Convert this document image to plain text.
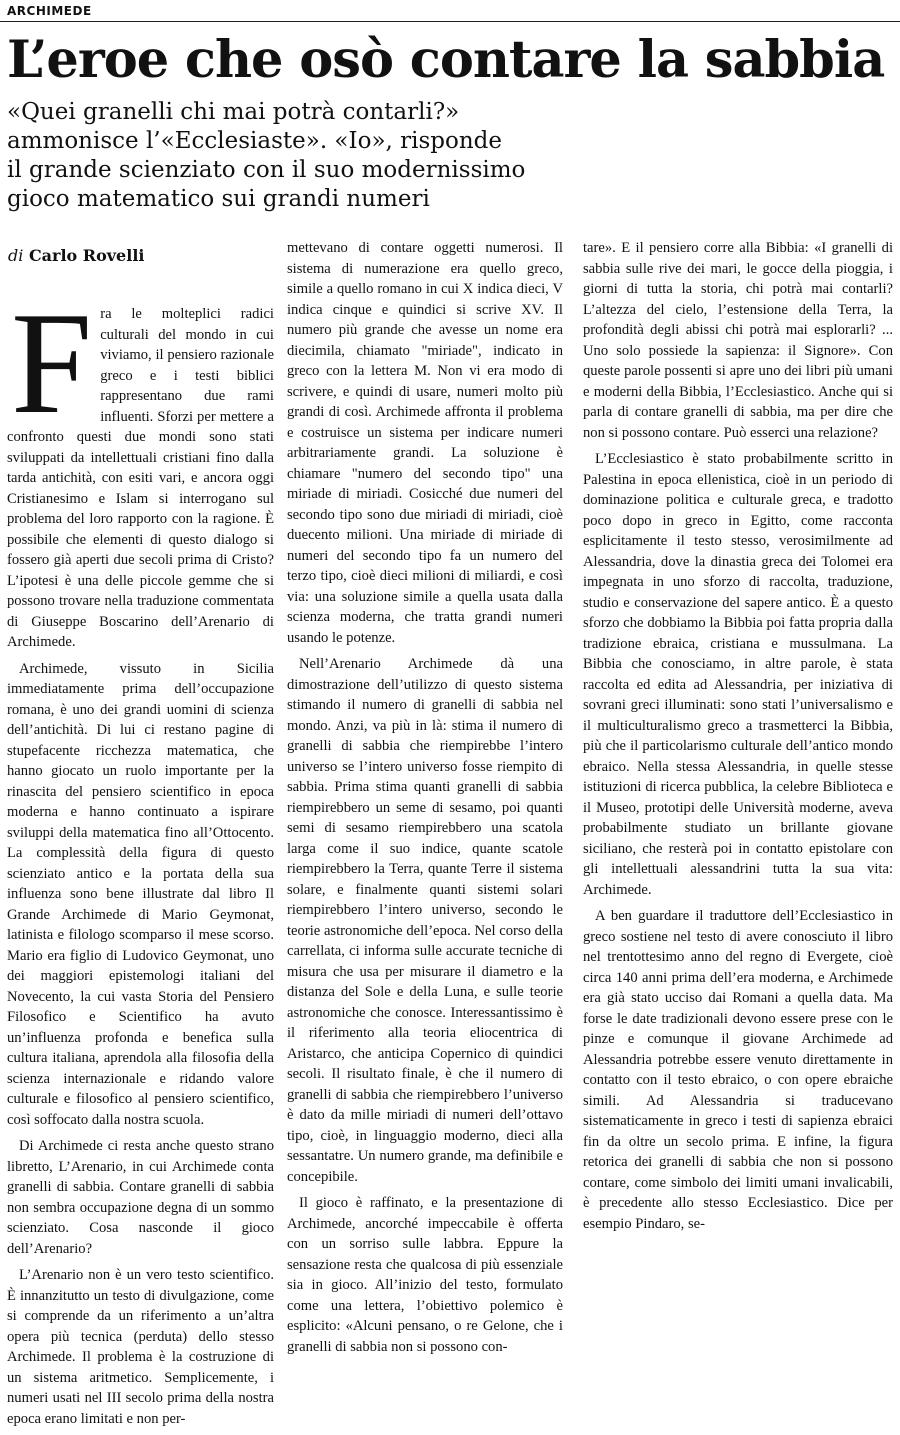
ARCHIMEDE
L’eroe che osò contare la sabbia
«Quei granelli chi mai potrà contarli?»
ammonisce l’«Ecclesiaste». «Io», risponde
il grande scienziato con il suo modernissimo
gioco matematico sui grandi numeri
di Carlo Rovelli

Fra le molteplici radici culturali del mondo in cui viviamo, il pensiero razionale greco e i testi biblici rappresentano due rami influenti. Sforzi per mettere a confronto questi due mondi sono stati sviluppati da intellettuali cristiani fino dalla tarda antichità, con esiti vari, e ancora oggi Cristianesimo e Islam si interrogano sul problema del loro rapporto con la ragione. È possibile che elementi di questo dialogo si fossero già aperti due secoli prima di Cristo? L’ipotesi è una delle piccole gemme che si possono trovare nella traduzione commentata di Giuseppe Boscarino dell’Arenario di Archimede.

Archimede, vissuto in Sicilia immediatamente prima dell’occupazione romana, è uno dei grandi uomini di scienza dell’antichità. Di lui ci restano pagine di stupefacente ricchezza matematica, che hanno giocato un ruolo importante per la rinascita del pensiero scientifico in epoca moderna e hanno continuato a ispirare sviluppi della matematica fino all’Ottocento. La complessità della figura di questo scienziato antico e la portata della sua influenza sono bene illustrate dal libro Il Grande Archimede di Mario Geymonat, latinista e filologo scomparso il mese scorso. Mario era figlio di Ludovico Geymonat, uno dei maggiori epistemologi italiani del Novecento, la cui vasta Storia del Pensiero Filosofico e Scientifico ha avuto un’influenza profonda e benefica sulla cultura italiana, aprendola alla filosofia della scienza internazionale e ridando valore culturale e filosofico al pensiero scientifico, così soffocato dalla nostra scuola.

Di Archimede ci resta anche questo strano libretto, L’Arenario, in cui Archimede conta granelli di sabbia. Contare granelli di sabbia non sembra occupazione degna di un sommo scienziato. Cosa nasconde il gioco dell’Arenario?

L’Arenario non è un vero testo scientifico. È innanzitutto un testo di divulgazione, come si comprende da un riferimento a un’altra opera più tecnica (perduta) dello stesso Archimede. Il problema è la costruzione di un sistema aritmetico. Semplicemente, i numeri usati nel III secolo prima della nostra epoca erano limitati e non per-

mettevano di contare oggetti numerosi. Il sistema di numerazione era quello greco, simile a quello romano in cui X indica dieci, V indica cinque e quindici si scrive XV. Il numero più grande che avesse un nome era diecimila, chiamato "miriade", indicato in greco con la lettera M. Non vi era modo di scrivere, e quindi di usare, numeri molto più grandi di così. Archimede affronta il problema e costruisce un sistema per indicare numeri arbitrariamente grandi. La soluzione è chiamare "numero del secondo tipo" una miriade di miriadi. Cosicché due numeri del secondo tipo sono due miriadi di miriadi, cioè duecento milioni. Una miriade di miriade di numeri del secondo tipo fa un numero del terzo tipo, cioè dieci milioni di miliardi, e così via: una soluzione simile a quella usata dalla scienza moderna, che tratta grandi numeri usando le potenze.

Nell’Arenario Archimede dà una dimostrazione dell’utilizzo di questo sistema stimando il numero di granelli di sabbia nel mondo. Anzi, va più in là: stima il numero di granelli di sabbia che riempirebbe l’intero universo se l’intero universo fosse riempito di sabbia. Prima stima quanti granelli di sabbia riempirebbero un seme di sesamo, poi quanti semi di sesamo riempirebbero una scatola larga come il suo indice, quante scatole riempirebbero la Terra, quante Terre il sistema solare, e finalmente quanti sistemi solari riempirebbero l’intero universo, secondo le teorie astronomiche dell’epoca. Nel corso della carrellata, ci informa sulle accurate tecniche di misura che usa per misurare il diametro e la distanza del Sole e della Luna, e sulle teorie astronomiche che conosce. Interessantissimo è il riferimento alla teoria eliocentrica di Aristarco, che anticipa Copernico di quindici secoli. Il risultato finale, è che il numero di granelli di sabbia che riempirebbero l’universo è dato da mille miriadi di numeri dell’ottavo tipo, cioè, in linguaggio moderno, dieci alla sessantatre. Un numero grande, ma definibile e concepibile.

Il gioco è raffinato, e la presentazione di Archimede, ancorché impeccabile è offerta con un sorriso sulle labbra. Eppure la sensazione resta che qualcosa di più essenziale sia in gioco. All’inizio del testo, formulato come una lettera, l’obiettivo polemico è esplicito: «Alcuni pensano, o re Gelone, che i granelli di sabbia non si possono con-

tare». E il pensiero corre alla Bibbia: «I granelli di sabbia sulle rive dei mari, le gocce della pioggia, i giorni di tutta la storia, chi potrà mai contarli? L’altezza del cielo, l’estensione della Terra, la profondità degli abissi chi potrà mai esplorarli? ... Uno solo possiede la sapienza: il Signore». Con queste parole possenti si apre uno dei libri più umani e moderni della Bibbia, l’Ecclesiastico. Anche qui si parla di contare granelli di sabbia, ma per dire che non si possono contare. Può esserci una relazione?

L’Ecclesiastico è stato probabilmente scritto in Palestina in epoca ellenistica, cioè in un periodo di dominazione politica e culturale greca, e tradotto poco dopo in greco in Egitto, come racconta esplicitamente il testo stesso, verosimilmente ad Alessandria, dove la dinastia greca dei Tolomei era impegnata in uno sforzo di raccolta, traduzione, studio e conservazione del sapere antico. È a questo sforzo che dobbiamo la Bibbia poi fatta propria dalla tradizione ebraica, cristiana e mussulmana. La Bibbia che conosciamo, in altre parole, è stata raccolta ed edita ad Alessandria, per iniziativa di sovrani greci illuminati: sono stati l’universalismo e il multiculturalismo greco a trasmetterci la Bibbia, più che il particolarismo culturale dell’antico mondo ebraico. Nella stessa Alessandria, in quelle stesse istituzioni di ricerca pubblica, la celebre Biblioteca e il Museo, prototipi delle Università moderne, aveva probabilmente studiato un brillante giovane siciliano, che resterà poi in contatto epistolare con gli intellettuali alessandrini tutta la sua vita: Archimede.

A ben guardare il traduttore dell’Ecclesiastico in greco sostiene nel testo di avere conosciuto il libro nel trentottesimo anno del regno di Evergete, cioè circa 140 anni prima dell’era moderna, e Archimede era già stato ucciso dai Romani a quella data. Ma forse le date tradizionali devono essere prese con le pinze e comunque il giovane Archimede ad Alessandria potrebbe essere venuto direttamente in contatto con il testo ebraico, o con opere ebraiche simili. Ad Alessandria si traducevano sistematicamente in greco i testi di sapienza ebraici fin da oltre un secolo prima. E infine, la figura retorica dei granelli di sabbia che non si possono contare, come simbolo dei limiti umani invalicabili, è precedente allo stesso Ecclesiastico. Dice per esempio Pindaro, se-
